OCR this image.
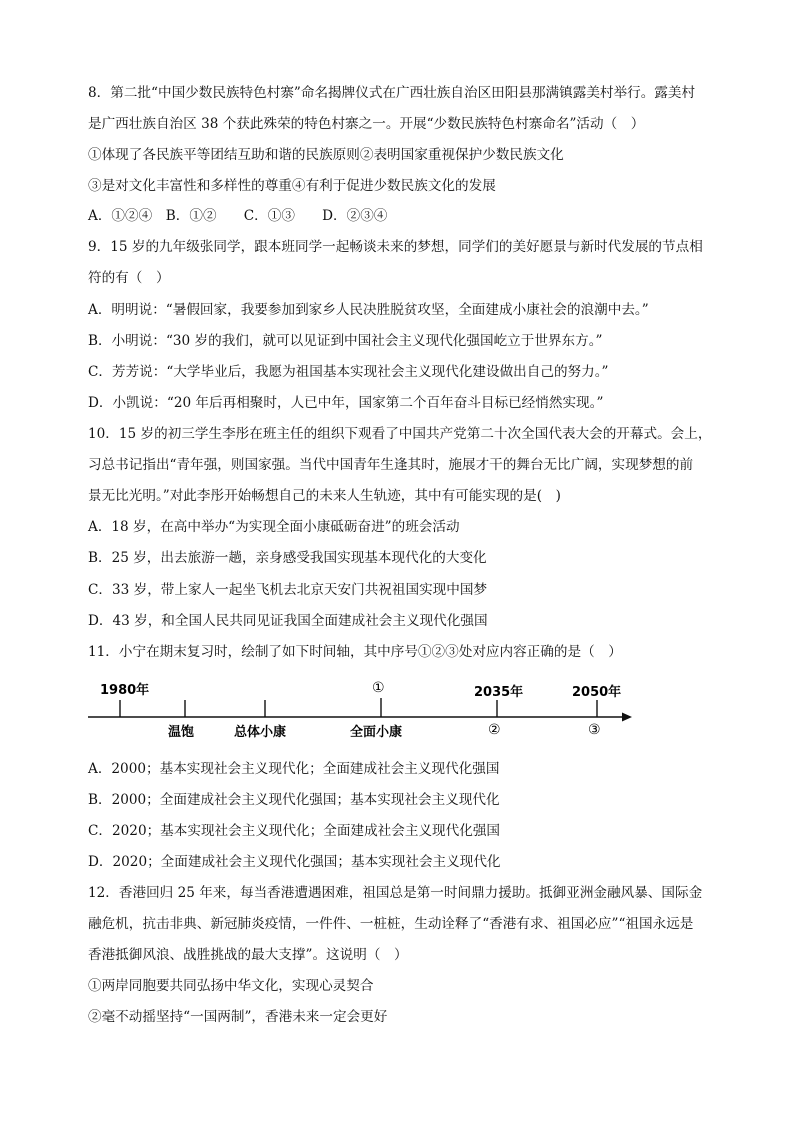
8．第二批“中国少数民族特色村寨”命名揭牌仪式在广西壮族自治区田阳县那满镇露美村举行。露美村
是广西壮族自治区 38 个获此殊荣的特色村寨之一。开展“少数民族特色村寨命名”活动（　）
①体现了各民族平等团结互助和谐的民族原则②表明国家重视保护少数民族文化
③是对文化丰富性和多样性的尊重④有利于促进少数民族文化的发展
A．①②④　B．①②　　C．①③　　D．②③④
9．15 岁的九年级张同学，跟本班同学一起畅谈未来的梦想，同学们的美好愿景与新时代发展的节点相
符的有（　）
A．明明说：“暑假回家，我要参加到家乡人民决胜脱贫攻坚，全面建成小康社会的浪潮中去。”
B．小明说：“30 岁的我们，就可以见证到中国社会主义现代化强国屹立于世界东方。”
C．芳芳说：“大学毕业后，我愿为祖国基本实现社会主义现代化建设做出自己的努力。”
D．小凯说：“20 年后再相聚时，人已中年，国家第二个百年奋斗目标已经悄然实现。”
10．15 岁的初三学生李彤在班主任的组织下观看了中国共产党第二十次全国代表大会的开幕式。会上，
习总书记指出“青年强，则国家强。当代中国青年生逢其时，施展才干的舞台无比广阔，实现梦想的前
景无比光明。”对此李彤开始畅想自己的未来人生轨迹，其中有可能实现的是(　)
A．18 岁，在高中举办“为实现全面小康砥砺奋进”的班会活动
B．25 岁，出去旅游一趟，亲身感受我国实现基本现代化的大变化
C．33 岁，带上家人一起坐飞机去北京天安门共祝祖国实现中国梦
D．43 岁，和全国人民共同见证我国全面建成社会主义现代化强国
11．小宁在期末复习时，绘制了如下时间轴，其中序号①②③处对应内容正确的是（　）
1980年	①	2035年	2050年
温饱	总体小康	全面小康	②	③
A．2000；基本实现社会主义现代化；全面建成社会主义现代化强国
B．2000；全面建成社会主义现代化强国；基本实现社会主义现代化
C．2020；基本实现社会主义现代化；全面建成社会主义现代化强国
D．2020；全面建成社会主义现代化强国；基本实现社会主义现代化
12．香港回归 25 年来，每当香港遭遇困难，祖国总是第一时间鼎力援助。抵御亚洲金融风暴、国际金
融危机，抗击非典、新冠肺炎疫情，一件件、一桩桩，生动诠释了“香港有求、祖国必应”“祖国永远是
香港抵御风浪、战胜挑战的最大支撑”。这说明（　）
①两岸同胞要共同弘扬中华文化，实现心灵契合
②毫不动摇坚持“一国两制”，香港未来一定会更好
